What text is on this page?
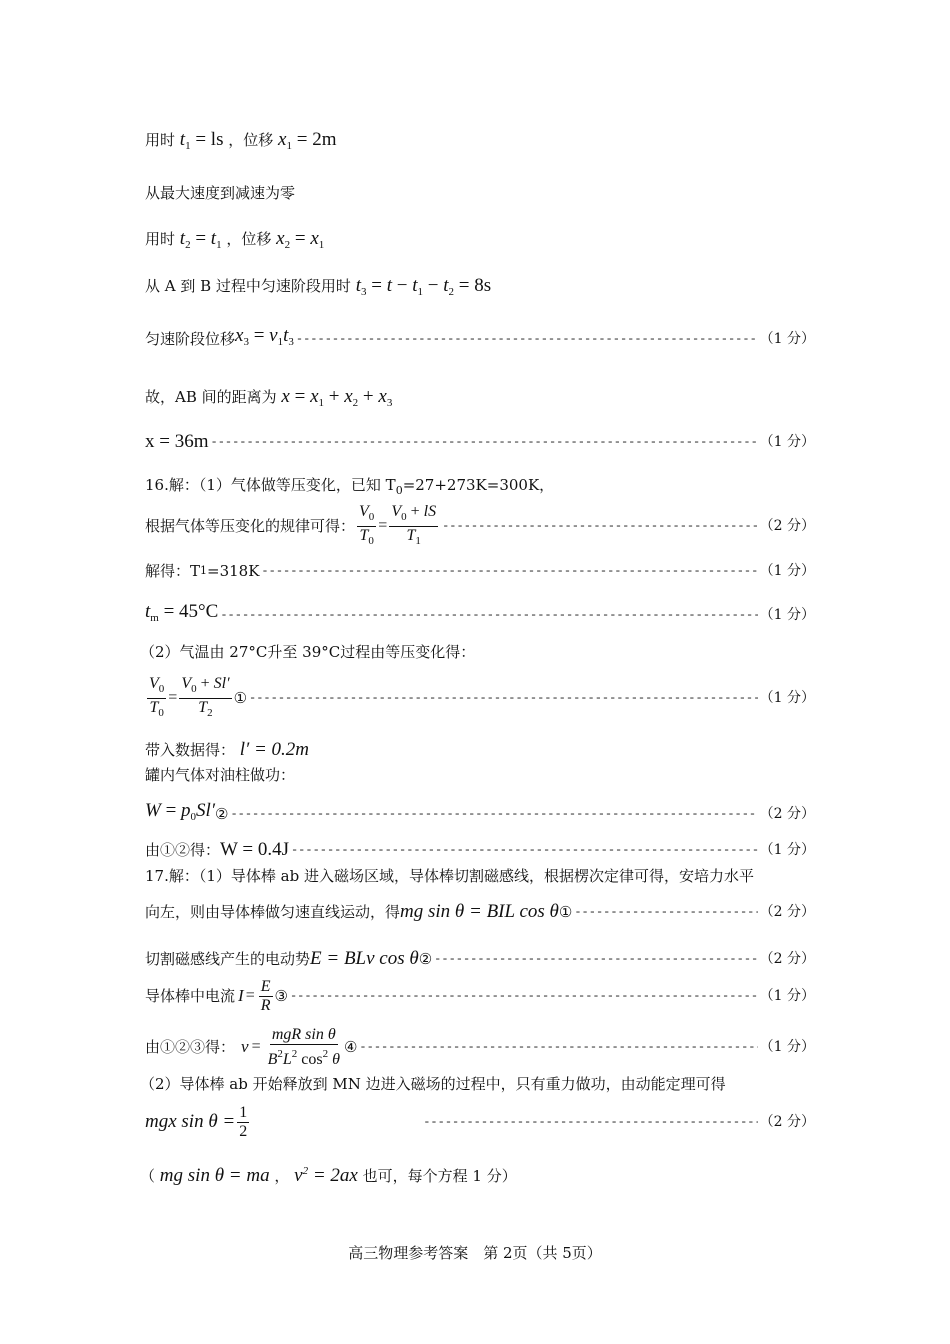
用时 $t_1$ = ls ，位移 $x_1 = 2m$
从最大速度到减速为零
用时 $t_2 = t_1$ ，位移 $x_2 = x_1$
从 A 到 B 过程中匀速阶段用时 $t_3 = t - t_1 - t_2 = 8s$
匀速阶段位移 $x_3 = v_1t_3$ -----	（1 分）
故，AB 间的距离为 $x = x_1 + x_2 + x_3$
x = 36m -----	（1 分）
16.解：（1）气体做等压变化，已知 $T_0=27+273K=300K$，
根据气体等压变化的规律可得： $\frac{V_0}{T_0} = \frac{V_0 + lS}{T_1}$ -----	（2 分）
解得：T 1 =318K -----	（1 分）
$t_m = 45^\circ C$ -----	（1 分）
（2）气温由 27°C升至 39°C过程由等压变化得：
$\frac{V_0}{T_0} = \frac{V_0 + Sl'}{T_2}$ ① -----	（1 分）
带入数据得： l′ = 0.2m
罐内气体对油柱做功：
$W = p_0Sl'$ ② -----	（2 分）
由①②得： W = 0.4J -----	（1 分）
17.解：（1）导体棒 ab 进入磁场区域，导体棒切割磁感线，根据楞次定律可得，安培力水平
向左，则由导体棒做匀速直线运动，得 mg sin θ = BIL cos θ ① -----	（2 分）
切割磁感线产生的电动势 E = BLv cos θ ② -----	（2 分）
导体棒中电流 $I = \frac{E}{R}$ ③ -----	（1 分）
由①②③得： $v = \frac{\text{mgR sin θ}}{B^2L^2 \cos^2 \theta}$ ④ -----	（1 分）
（2）导体棒 ab 开始释放到 MN 边进入磁场的过程中，只有重力做功，由动能定理可得
mgx $\sin \theta = \frac{1}{2}$ -----	（2 分）
（ mg sin θ = ma ， $v^2 = 2ax$ 也可，每个方程 1 分）
高三物理参考答案　第 2页（共 5页）
